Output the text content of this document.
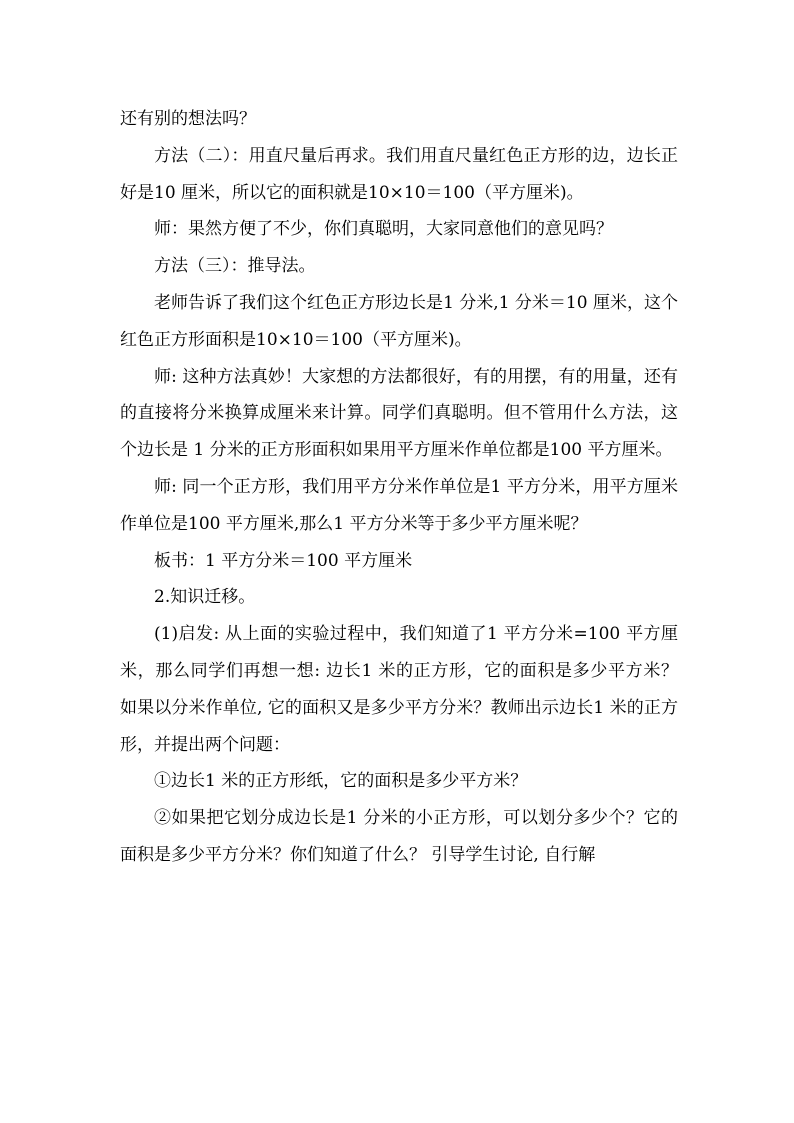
还有别的想法吗？

方法（二）：用直尺量后再求。我们用直尺量红色正方形的边，边长正好是10 厘米，所以它的面积就是10×10＝100（平方厘米)。

师：果然方便了不少，你们真聪明，大家同意他们的意见吗？

方法（三）：推导法。

老师告诉了我们这个红色正方形边长是1 分米,1 分米＝10 厘米，这个红色正方形面积是10×10＝100（平方厘米)。

师: 这种方法真妙！大家想的方法都很好，有的用摆，有的用量，还有的直接将分米换算成厘米来计算。同学们真聪明。但不管用什么方法，这个边长是 1 分米的正方形面积如果用平方厘米作单位都是100 平方厘米。

师: 同一个正方形，我们用平方分米作单位是1 平方分米，用平方厘米作单位是100 平方厘米,那么1 平方分米等于多少平方厘米呢？

板书：1 平方分米＝100 平方厘米

2.知识迁移。

(1)启发: 从上面的实验过程中，我们知道了1 平方分米=100 平方厘米，那么同学们再想一想: 边长1 米的正方形，它的面积是多少平方米？ 如果以分米作单位, 它的面积又是多少平方分米？教师出示边长1 米的正方形，并提出两个问题：

①边长1 米的正方形纸，它的面积是多少平方米？

②如果把它划分成边长是1 分米的小正方形，可以划分多少个？它的面积是多少平方分米？你们知道了什么？ 引导学生讨论, 自行解
